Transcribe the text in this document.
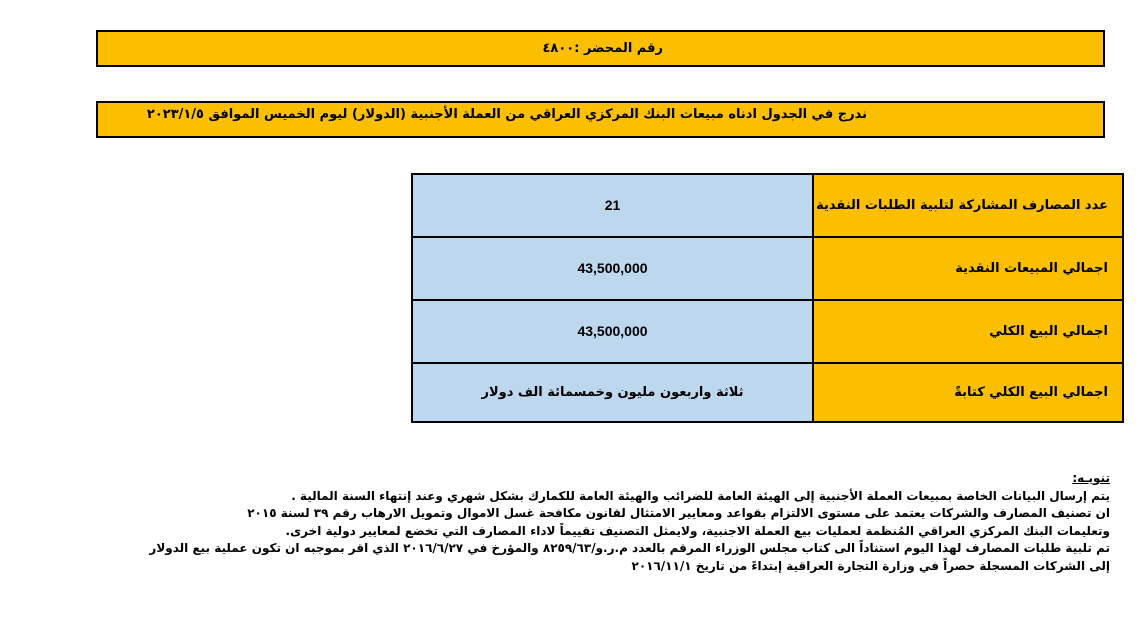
رقم المحضر :٤٨٠٠
ندرج في الجدول ادناه مبيعات البنك المركزي العراقي من العملة الأجنبية (الدولار) ليوم الخميس الموافق ٢٠٢٣/١/٥
عدد المصارف المشاركة لتلبية الطلبات النقدية	21
اجمالي المبيعات النقدية	43,500,000
اجمالي البيع الكلي	43,500,000
اجمالي البيع الكلي كتابةً	ثلاثة واربعون مليون وخمسمائة الف دولار

تنويـه:

يتم إرسال البيانات الخاصة بمبيعات العملة الأجنبية إلى الهيئة العامة للضرائب والهيئة العامة للكمارك بشكل شهري وعند إنتهاء السنة المالية .

ان تصنيف المصارف والشركات يعتمد على مستوى الالتزام بقواعد ومعايير الامتثال لقانون مكافحة غسل الاموال وتمويل الارهاب رقم ٣٩ لسنة ٢٠١٥

وتعليمات البنك المركزي العراقي المُنظمة لعمليات بيع العملة الاجنبية، ولايمثل التصنيف تقييماً لاداء المصارف التي تخضع لمعايير دولية اخرى.

تم تلبية طلبات المصارف لهذا اليوم استناداً الى كتاب مجلس الوزراء المرقم بالعدد م.ر.و/٨٢٥٩/٦٣ والمؤرخ في ٢٠١٦/٦/٢٧ الذي اقر بموجبه ان تكون عملية بيع الدولار

إلى الشركات المسجلة حصراً في وزارة التجارة العراقية إبتداءً من تاريخ ٢٠١٦/١١/١
